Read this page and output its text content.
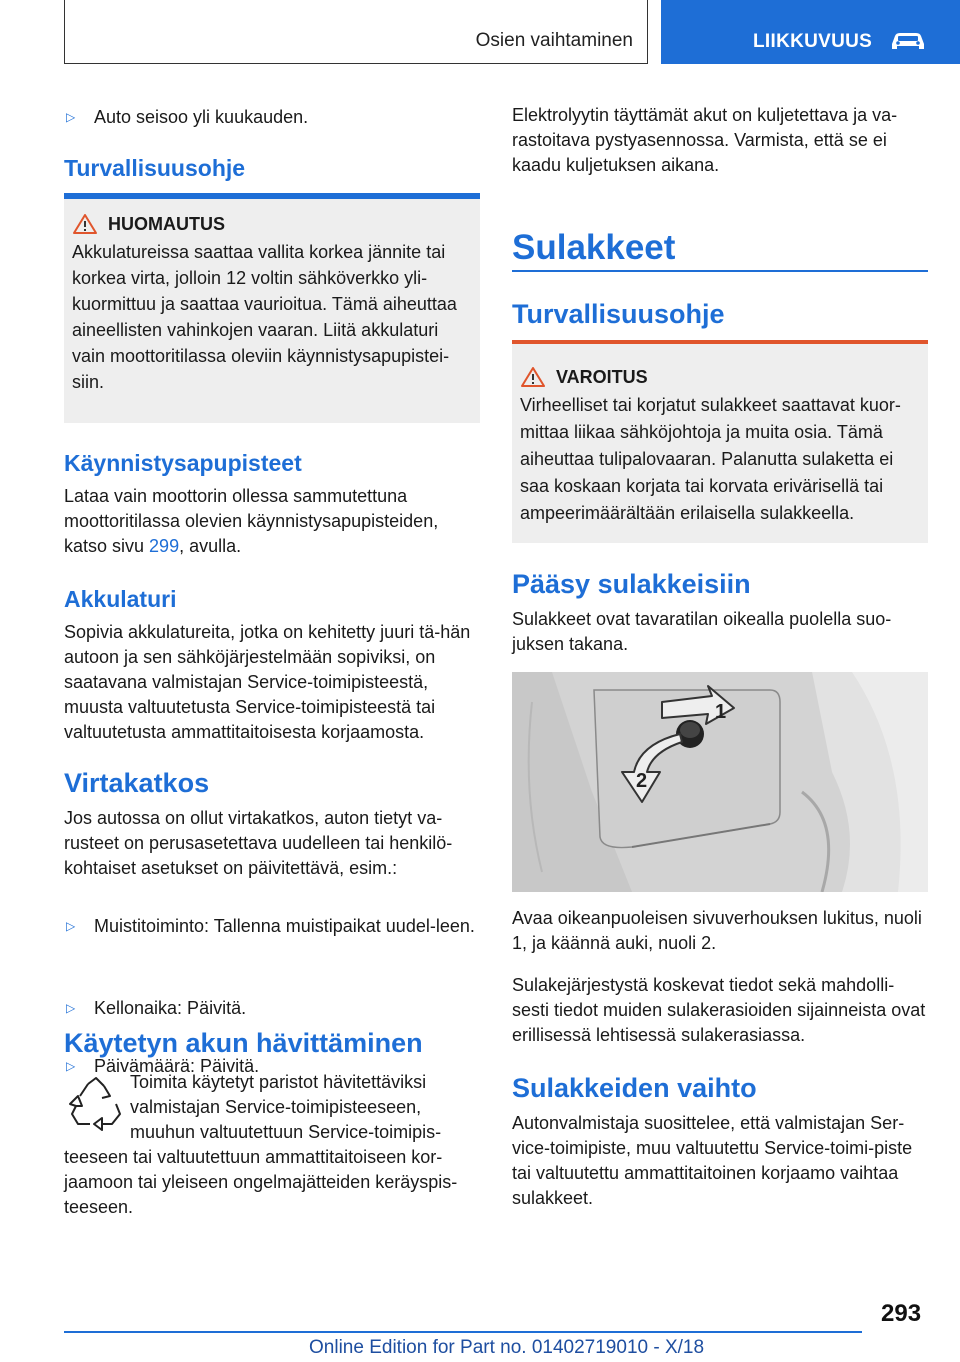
Osien vaihtaminen	LIIKKUVUUS
▷ Auto seisoo yli kuukauden.
Turvallisuusohje
HUOMAUTUS

Akkulatureissa saattaa vallita korkea jännite tai korkea virta, jolloin 12 voltin sähköverkko yli-kuormittuu ja saattaa vaurioitua. Tämä aiheuttaa aineellisten vahinkojen vaaran. Liitä akkulaturi vain moottoritilassa oleviin käynnistysapupistei-siin.

Käynnistysapupisteet

Lataa vain moottorin ollessa sammutettuna moottoritilassa olevien käynnistysapupisteiden, katso sivu 299, avulla.

Akkulaturi

Sopivia akkulatureita, jotka on kehitetty juuri tä-hän autoon ja sen sähköjärjestelmään sopiviksi, on saatavana valmistajan Service-toimipisteestä, muusta valtuutetusta Service-toimipisteestä tai valtuutetusta ammattitaitoisesta korjaamosta.

Virtakatkos

Jos autossa on ollut virtakatkos, auton tietyt va-rusteet on perusasetettava uudelleen tai henkilö-kohtaiset asetukset on päivitettävä, esim.:

▷ Muistitoiminto: Tallenna muistipaikat uudel-leen.
▷ Kellonaika: Päivitä.
▷ Päivämäärä: Päivitä.
Käytetyn akun hävittäminen

Toimita käytetyt paristot hävitettäviksi valmistajan Service-toimipisteeseen, muuhun valtuutettuun Service-toimipis-

teeseen tai valtuutettuun ammattitaitoiseen kor-jaamoon tai yleiseen ongelmajätteiden keräyspis-teeseen.

Elektrolyytin täyttämät akut on kuljetettava ja va-rastoitava pystyasennossa. Varmista, että se ei kaadu kuljetuksen aikana.

Sulakkeet
Turvallisuusohje
VAROITUS

Virheelliset tai korjatut sulakkeet saattavat kuor-mittaa liikaa sähköjohtoja ja muita osia. Tämä aiheuttaa tulipalovaaran. Palanutta sulaketta ei saa koskaan korjata tai korvata erivärisellä tai ampeerimäärältään erilaisella sulakkeella.

Pääsy sulakkeisiin

Sulakkeet ovat tavaratilan oikealla puolella suo-juksen takana.

1
2

Avaa oikeanpuoleisen sivuverhouksen lukitus, nuoli 1, ja käännä auki, nuoli 2.

Sulakejärjestystä koskevat tiedot sekä mahdolli-sesti tiedot muiden sulakerasioiden sijainneista ovat erillisessä lehtisessä sulakerasiassa.

Sulakkeiden vaihto

Autonvalmistaja suosittelee, että valmistajan Ser-vice-toimipiste, muu valtuutettu Service-toimi-piste tai valtuutettu ammattitaitoinen korjaamo vaihtaa sulakkeet.

293
Online Edition for Part no. 01402719010 - X/18
